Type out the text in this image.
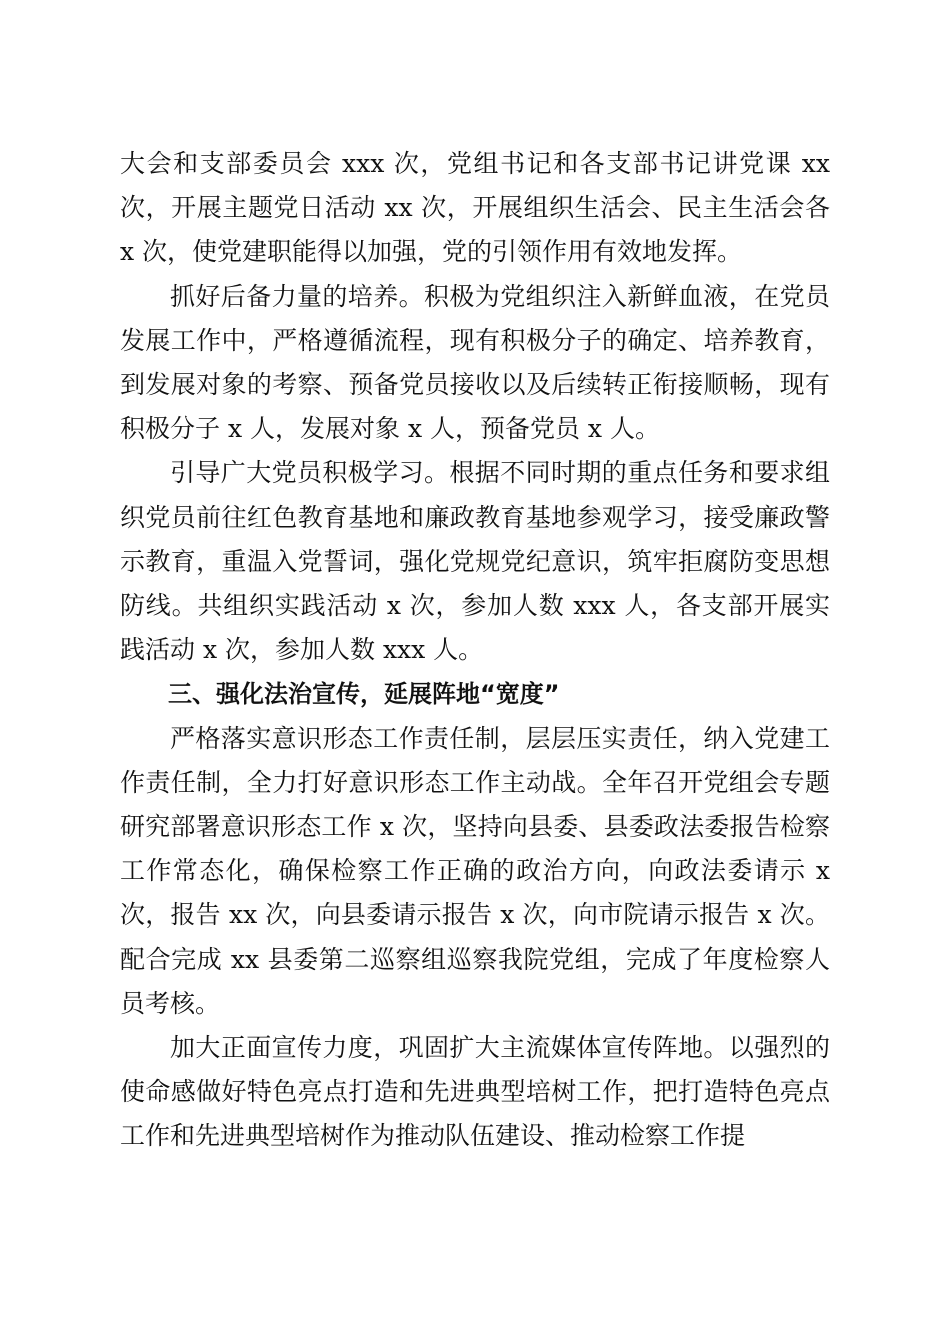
大会和支部委员会 xxx 次，党组书记和各支部书记讲党课 xx 次，开展主题党日活动 xx 次，开展组织生活会、民主生活会各 x 次，使党建职能得以加强，党的引领作用有效地发挥。

抓好后备力量的培养。积极为党组织注入新鲜血液，在党员发展工作中，严格遵循流程，现有积极分子的确定、培养教育，到发展对象的考察、预备党员接收以及后续转正衔接顺畅，现有积极分子 x 人，发展对象 x 人，预备党员 x 人。

引导广大党员积极学习。根据不同时期的重点任务和要求组织党员前往红色教育基地和廉政教育基地参观学习，接受廉政警示教育，重温入党誓词，强化党规党纪意识，筑牢拒腐防变思想防线。共组织实践活动 x 次，参加人数 xxx 人，各支部开展实践活动 x 次，参加人数 xxx 人。

三、强化法治宣传，延展阵地“宽度”

严格落实意识形态工作责任制，层层压实责任，纳入党建工作责任制，全力打好意识形态工作主动战。全年召开党组会专题研究部署意识形态工作 x 次，坚持向县委、县委政法委报告检察工作常态化，确保检察工作正确的政治方向，向政法委请示 x 次，报告 xx 次，向县委请示报告 x 次，向市院请示报告 x 次。配合完成 xx 县委第二巡察组巡察我院党组，完成了年度检察人员考核。

加大正面宣传力度，巩固扩大主流媒体宣传阵地。以强烈的使命感做好特色亮点打造和先进典型培树工作，把打造特色亮点工作和先进典型培树作为推动队伍建设、推动检察工作提
